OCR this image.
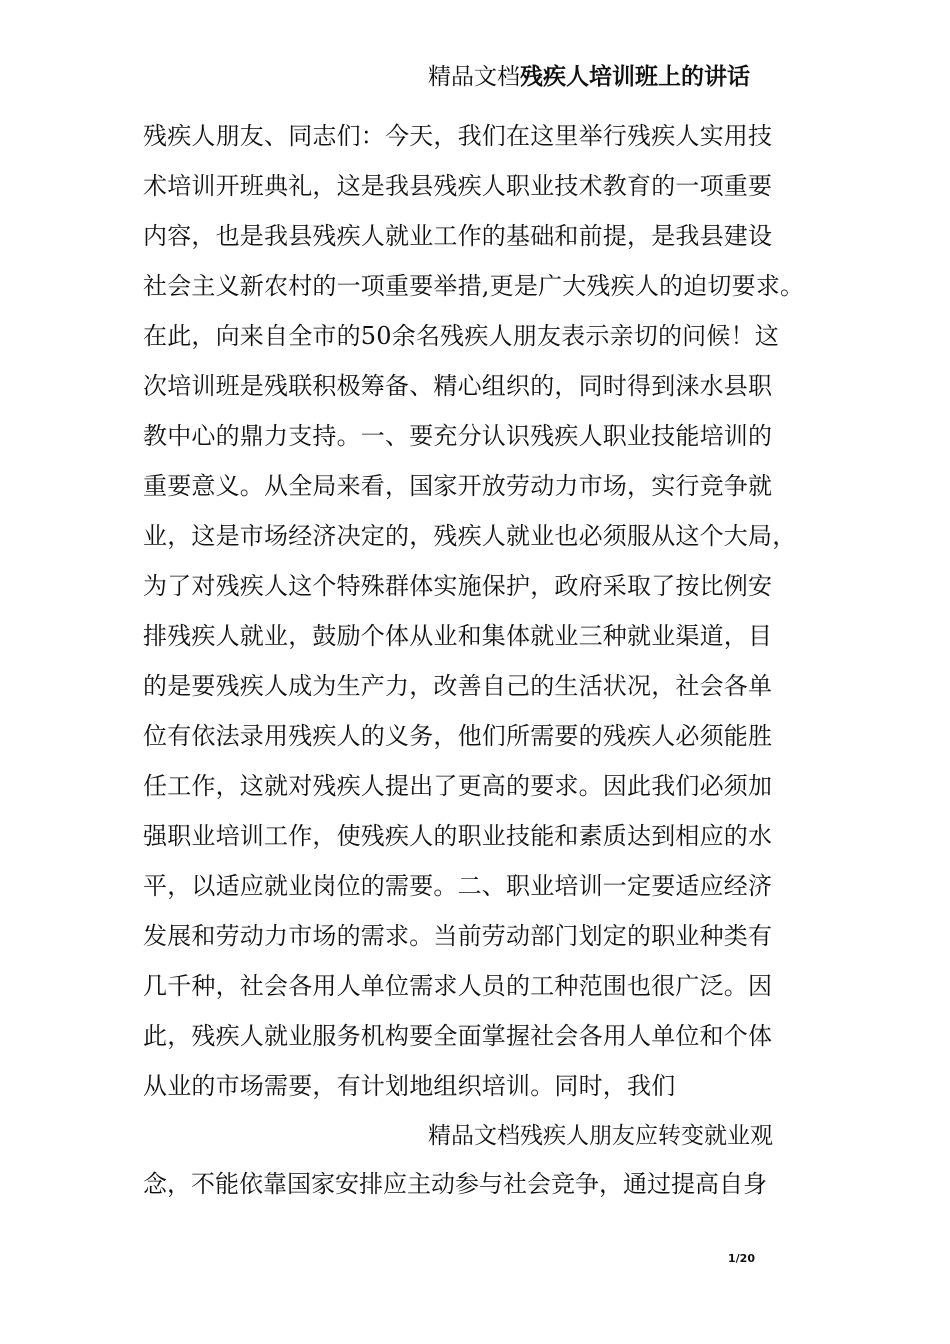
精品文档残疾人培训班上的讲话
残疾人朋友、同志们：今天，我们在这里举行残疾人实用技
术培训开班典礼，这是我县残疾人职业技术教育的一项重要
内容，也是我县残疾人就业工作的基础和前提，是我县建设
社会主义新农村的一项重要举措,更是广大残疾人的迫切要求。
在此，向来自全市的50余名残疾人朋友表示亲切的问候！这
次培训班是残联积极筹备、精心组织的，同时得到涞水县职
教中心的鼎力支持。一、要充分认识残疾人职业技能培训的
重要意义。从全局来看，国家开放劳动力市场，实行竞争就
业，这是市场经济决定的，残疾人就业也必须服从这个大局，
为了对残疾人这个特殊群体实施保护，政府采取了按比例安
排残疾人就业，鼓励个体从业和集体就业三种就业渠道，目
的是要残疾人成为生产力，改善自己的生活状况，社会各单
位有依法录用残疾人的义务，他们所需要的残疾人必须能胜
任工作，这就对残疾人提出了更高的要求。因此我们必须加
强职业培训工作，使残疾人的职业技能和素质达到相应的水
平，以适应就业岗位的需要。二、职业培训一定要适应经济
发展和劳动力市场的需求。当前劳动部门划定的职业种类有
几千种，社会各用人单位需求人员的工种范围也很广泛。因
此，残疾人就业服务机构要全面掌握社会各用人单位和个体
从业的市场需要，有计划地组织培训。同时，我们
精品文档残疾人朋友应转变就业观
念，不能依靠国家安排应主动参与社会竞争，通过提高自身
1/20
